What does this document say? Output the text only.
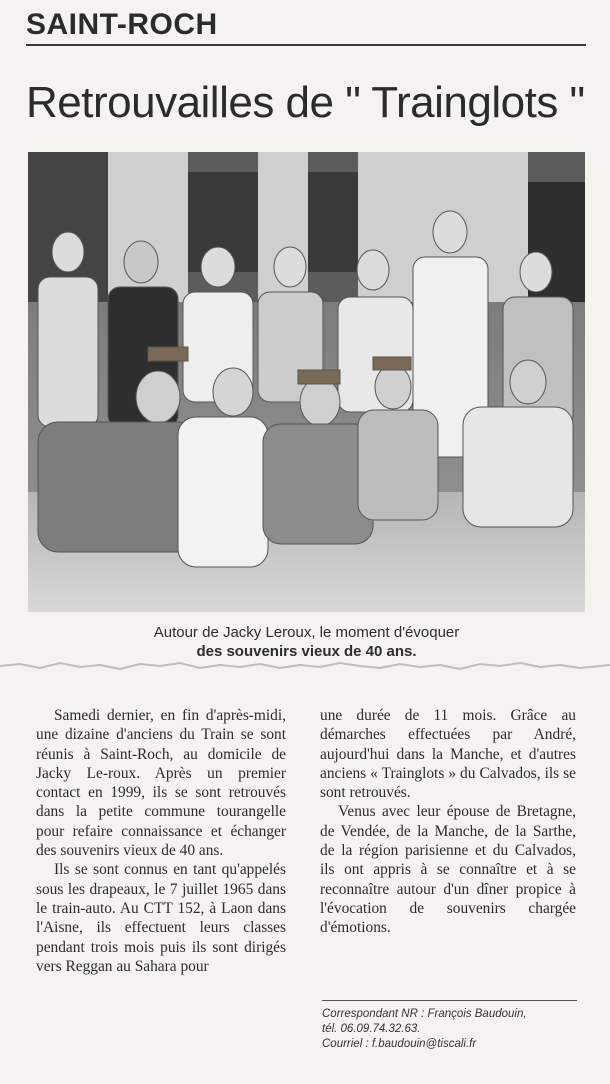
SAINT-ROCH
Retrouvailles de " Trainglots "
Autour de Jacky Leroux, le moment d'évoquer
des souvenirs vieux de 40 ans.

Samedi dernier, en fin d'après-midi, une dizaine d'anciens du Train se sont réunis à Saint-Roch, au domicile de Jacky Le-roux. Après un premier contact en 1999, ils se sont retrouvés dans la petite commune tourangelle pour refaire connaissance et échanger des souvenirs vieux de 40 ans.

Ils se sont connus en tant qu'appelés sous les drapeaux, le 7 juillet 1965 dans le train-auto. Au CTT 152, à Laon dans l'Aisne, ils effectuent leurs classes pendant trois mois puis ils sont dirigés vers Reggan au Sahara pour

une durée de 11 mois. Grâce au démarches effectuées par André, aujourd'hui dans la Manche, et d'autres anciens « Trainglots » du Calvados, ils se sont retrouvés.

Venus avec leur épouse de Bretagne, de Vendée, de la Manche, de la Sarthe, de la région parisienne et du Calvados, ils ont appris à se connaître et à se reconnaître autour d'un dîner propice à l'évocation de souvenirs chargée d'émotions.

Correspondant NR : François Baudouin,
tél. 06.09.74.32.63.
Courriel : f.baudouin@tiscali.fr
